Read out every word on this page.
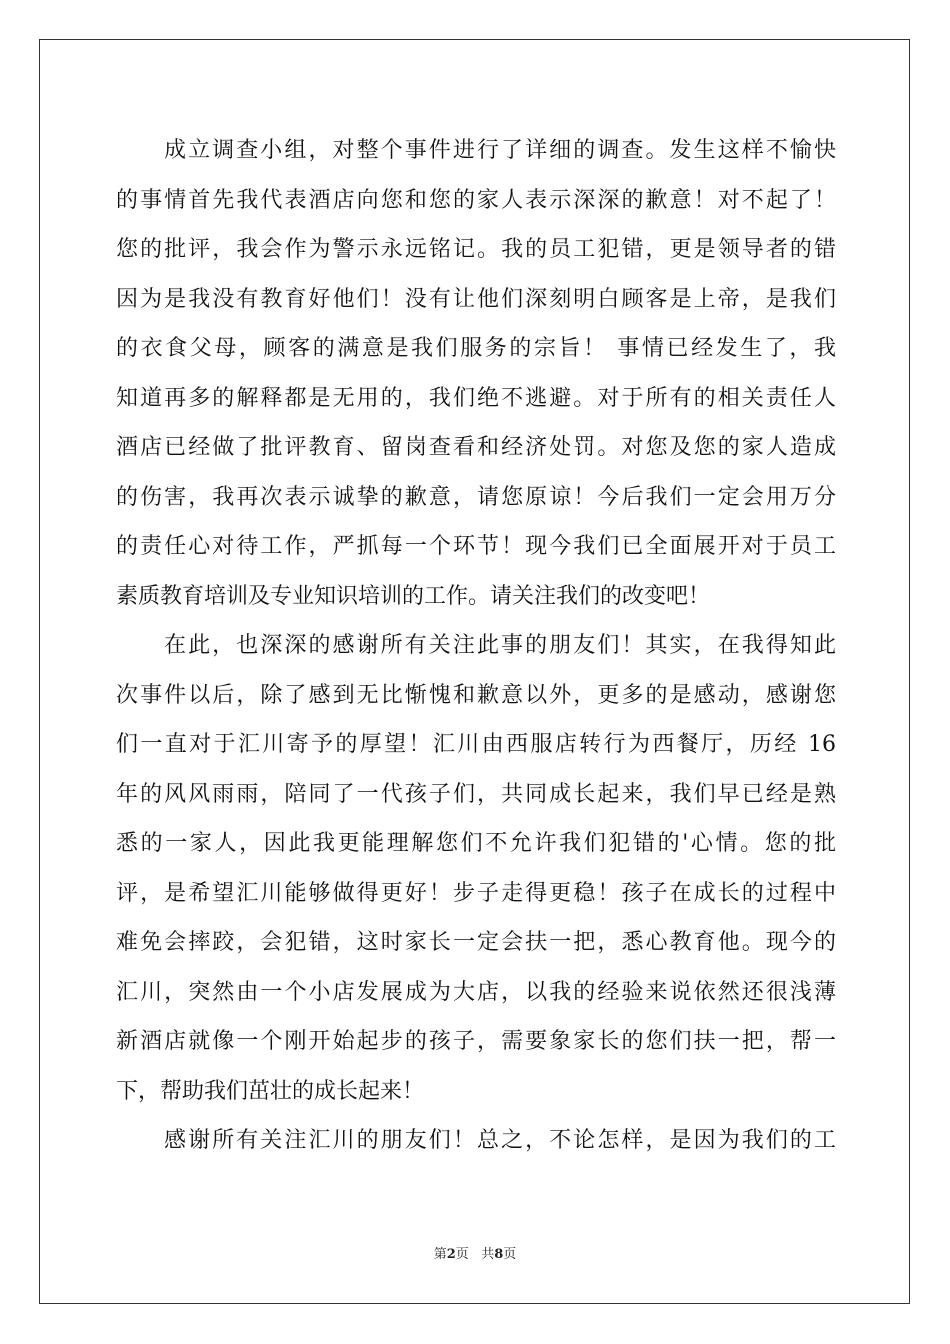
成立调查小组，对整个事件进行了详细的调查。发生这样不愉快
的事情首先我代表酒店向您和您的家人表示深深的歉意！对不起了！
您的批评，我会作为警示永远铭记。我的员工犯错，更是领导者的错
因为是我没有教育好他们！没有让他们深刻明白顾客是上帝，是我们
的衣食父母，顾客的满意是我们服务的宗旨！ 事情已经发生了，我
知道再多的解释都是无用的，我们绝不逃避。对于所有的相关责任人
酒店已经做了批评教育、留岗查看和经济处罚。对您及您的家人造成
的伤害，我再次表示诚挚的歉意，请您原谅！今后我们一定会用万分
的责任心对待工作，严抓每一个环节！现今我们已全面展开对于员工
素质教育培训及专业知识培训的工作。请关注我们的改变吧！
在此，也深深的感谢所有关注此事的朋友们！其实，在我得知此
次事件以后，除了感到无比惭愧和歉意以外，更多的是感动，感谢您
们一直对于汇川寄予的厚望！汇川由西服店转行为西餐厅，历经 16
年的风风雨雨，陪同了一代孩子们，共同成长起来，我们早已经是熟
悉的一家人，因此我更能理解您们不允许我们犯错的'心情。您的批
评，是希望汇川能够做得更好！步子走得更稳！孩子在成长的过程中
难免会摔跤，会犯错，这时家长一定会扶一把，悉心教育他。现今的
汇川，突然由一个小店发展成为大店，以我的经验来说依然还很浅薄
新酒店就像一个刚开始起步的孩子，需要象家长的您们扶一把，帮一
下，帮助我们茁壮的成长起来！
感谢所有关注汇川的朋友们！总之，不论怎样，是因为我们的工
第2页 共8页
